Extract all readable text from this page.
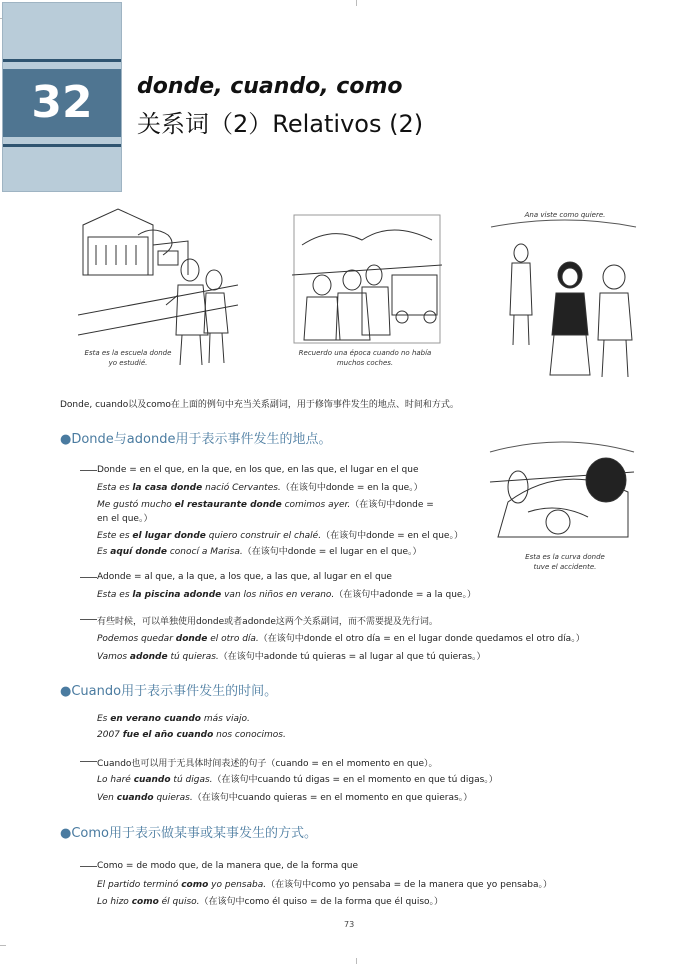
32	donde, cuando, como
关系词（2）Relativos (2)
Esta es la escuela donde
yo estudié.
Recuerdo una época cuando no había
muchos coches.
Ana viste como quiere.
Donde, cuando以及como在上面的例句中充当关系副词，用于修饰事件发生的地点、时间和方式。
●Donde与adonde用于表示事件发生的地点。
Esta es la curva donde
tuve el accidente.
Donde = en el que, en la que, en los que, en las que, el lugar en el que
Esta es la casa donde nació Cervantes.（在该句中donde = en la que。）
Me gustó mucho el restaurante donde comimos ayer.（在该句中donde =
en el que。）
Este es el lugar donde quiero construir el chalé.（在该句中donde = en el que。）
Es aquí donde conocí a Marisa.（在该句中donde = el lugar en el que。）
Adonde = al que, a la que, a los que, a las que, al lugar en el que
Esta es la piscina adonde van los niños en verano.（在该句中adonde = a la que。）
有些时候，可以单独使用donde或者adonde这两个关系副词，而不需要提及先行词。
Podemos quedar donde el otro día.（在该句中donde el otro día = en el lugar donde quedamos el otro día。）
Vamos adonde tú quieras.（在该句中adonde tú quieras = al lugar al que tú quieras。）
●Cuando用于表示事件发生的时间。
Es en verano cuando más viajo.
2007 fue el año cuando nos conocimos.
Cuando也可以用于无具体时间表述的句子（cuando = en el momento en que）。
Lo haré cuando tú digas.（在该句中cuando tú digas = en el momento en que tú digas。）
Ven cuando quieras.（在该句中cuando quieras = en el momento en que quieras。）
●Como用于表示做某事或某事发生的方式。
Como = de modo que, de la manera que, de la forma que
El partido terminó como yo pensaba.（在该句中como yo pensaba = de la manera que yo pensaba。）
Lo hizo como él quiso.（在该句中como él quiso = de la forma que él quiso。）
73
